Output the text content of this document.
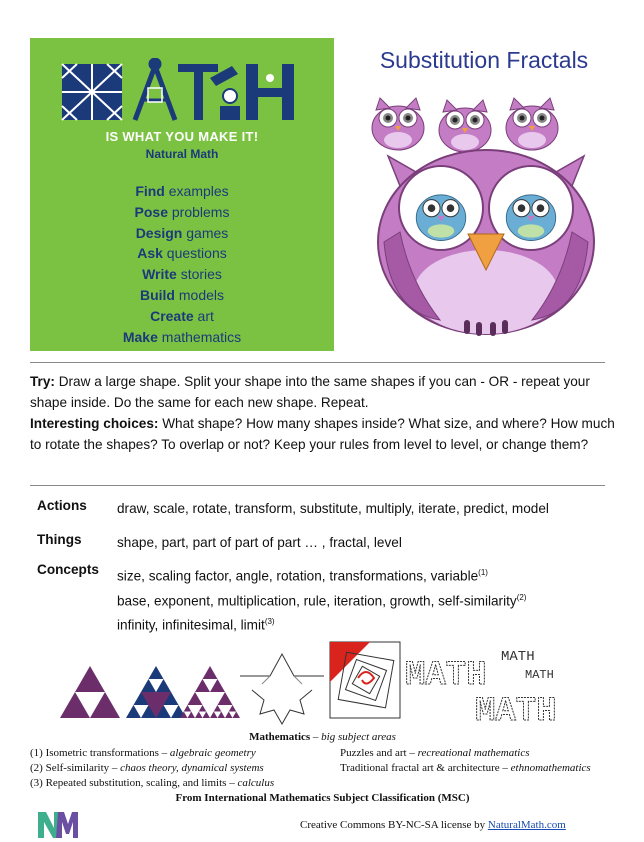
IS WHAT YOU MAKE IT!
Natural Math
Find examples
Pose problems
Design games
Ask questions
Write stories
Build models
Create art
Make mathematics
Substitution Fractals
Try: Draw a large shape. Split your shape into the same shapes if you can - OR - repeat your shape inside. Do the same for each new shape. Repeat.
Interesting choices: What shape? How many shapes inside? What size, and where? How much to rotate the shapes? To overlap or not? Keep your rules from level to level, or change them?
Actions	draw, scale, rotate, transform, substitute, multiply, iterate, predict, model
Things	shape, part, part of part of part … , fractal, level
Concepts	size, scaling factor, angle, rotation, transformations, variable$^{(1)}$
base, exponent, multiplication, rule, iteration, growth, self-similarity$^{(2)}$
infinity, infinitesimal, limit$^{(3)}$
MATH MATH
MATH
MATH
Mathematics – big subject areas
(1) Isometric transformations – algebraic geometry	Puzzles and art – recreational mathematics
(2) Self-similarity – chaos theory, dynamical systems	Traditional fractal art & architecture – ethnomathematics
(3) Repeated substitution, scaling, and limits – calculus
From International Mathematics Subject Classification (MSC)
Creative Commons BY-NC-SA license by NaturalMath.com
